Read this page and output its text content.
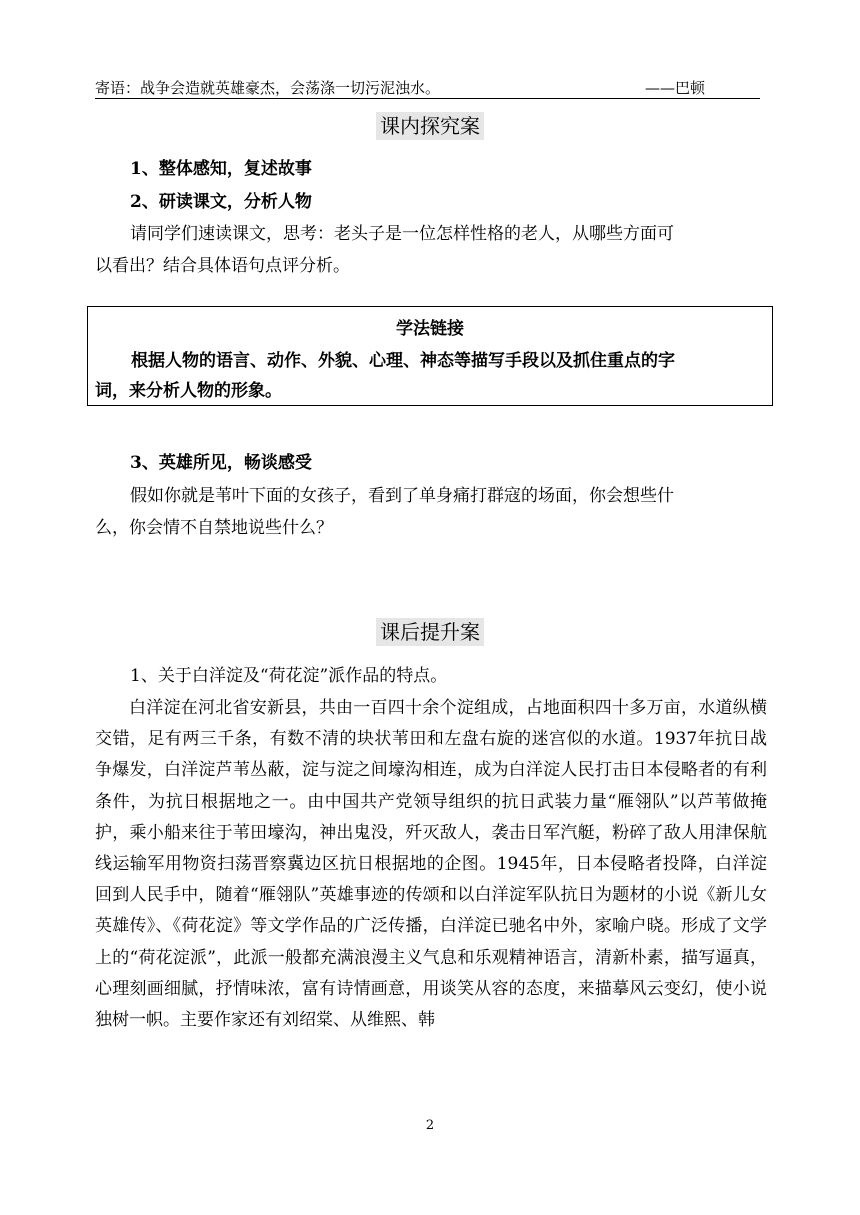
寄语：战争会造就英雄豪杰，会荡涤一切污泥浊水。	——巴顿
课内探究案
1、整体感知，复述故事
2、研读课文，分析人物
请同学们速读课文，思考：老头子是一位怎样性格的老人，从哪些方面可
以看出？结合具体语句点评分析。
学法链接
根据人物的语言、动作、外貌、心理、神态等描写手段以及抓住重点的字
词，来分析人物的形象。
3、英雄所见，畅谈感受
假如你就是苇叶下面的女孩子，看到了单身痛打群寇的场面，你会想些什
么，你会情不自禁地说些什么？
课后提升案
1、关于白洋淀及“荷花淀”派作品的特点。
白洋淀在河北省安新县，共由一百四十余个淀组成，占地面积四十多万亩，水道纵横交错，足有两三千条，有数不清的块状苇田和左盘右旋的迷宫似的水道。1937年抗日战争爆发，白洋淀芦苇丛蔽，淀与淀之间壕沟相连，成为白洋淀人民打击日本侵略者的有利条件，为抗日根据地之一。由中国共产党领导组织的抗日武装力量“雁翎队”以芦苇做掩护，乘小船来往于苇田壕沟，神出鬼没，歼灭敌人，袭击日军汽艇，粉碎了敌人用津保航线运输军用物资扫荡晋察冀边区抗日根据地的企图。1945年，日本侵略者投降，白洋淀回到人民手中，随着“雁翎队”英雄事迹的传颂和以白洋淀军队抗日为题材的小说《新儿女英雄传》、《荷花淀》等文学作品的广泛传播，白洋淀已驰名中外，家喻户晓。形成了文学上的“荷花淀派”，此派一般都充满浪漫主义气息和乐观精神语言，清新朴素，描写逼真，心理刻画细腻，抒情味浓，富有诗情画意，用谈笑从容的态度，来描摹风云变幻，使小说独树一帜。主要作家还有刘绍棠、从维熙、韩
2
